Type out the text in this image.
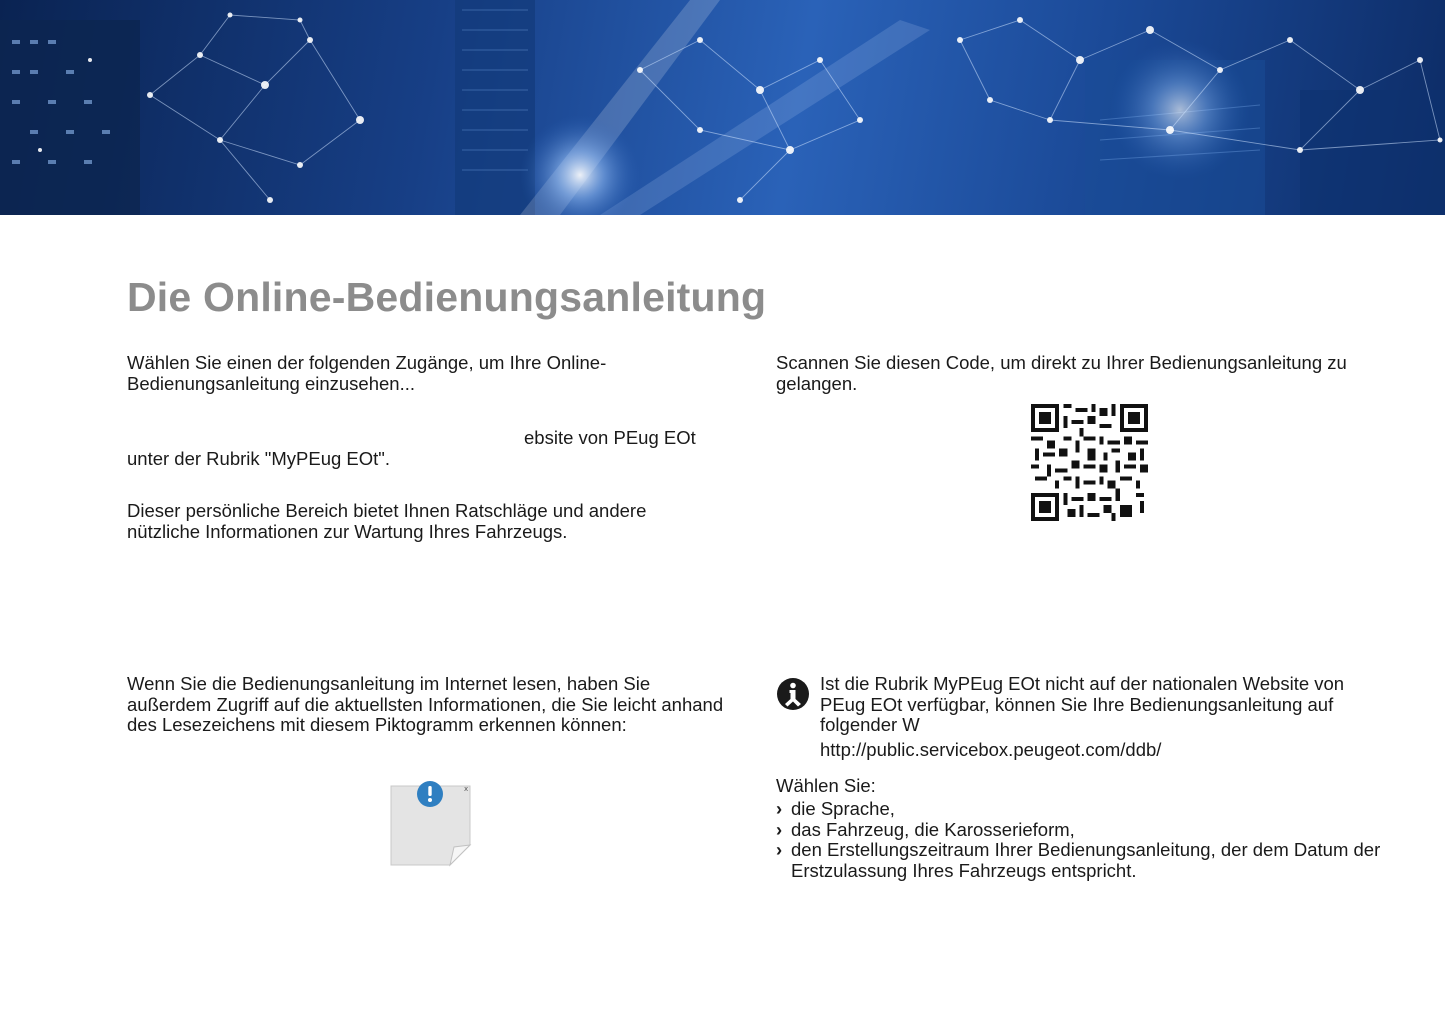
Die Online-Bedienungsanleitung

Wählen Sie einen der folgenden Zugänge, um Ihre Online-Bedienungsanleitung einzusehen...

ebsite von PEug EOt

unter der Rubrik "MyPEug EOt".

Dieser persönliche Bereich bietet Ihnen Ratschläge und andere nützliche Informationen zur Wartung Ihres Fahrzeugs.

Wenn Sie die Bedienungsanleitung im Internet lesen, haben Sie außerdem Zugriff auf die aktuellsten Informationen, die Sie leicht anhand des Lesezeichens mit diesem Piktogramm erkennen können:

x

Scannen Sie diesen Code, um direkt zu Ihrer Bedienungsanleitung zu gelangen.

Ist die Rubrik MyPEug EOt nicht auf der nationalen Website von PEug EOt verfügbar, können Sie Ihre Bedienungsanleitung auf folgender W

http://public.servicebox.peugeot.com/ddb/

Wählen Sie:

› die Sprache,
› das Fahrzeug, die Karosserieform,
› den Erstellungszeitraum Ihrer Bedienungsanleitung, der dem Datum der Erstzulassung Ihres Fahrzeugs entspricht.
